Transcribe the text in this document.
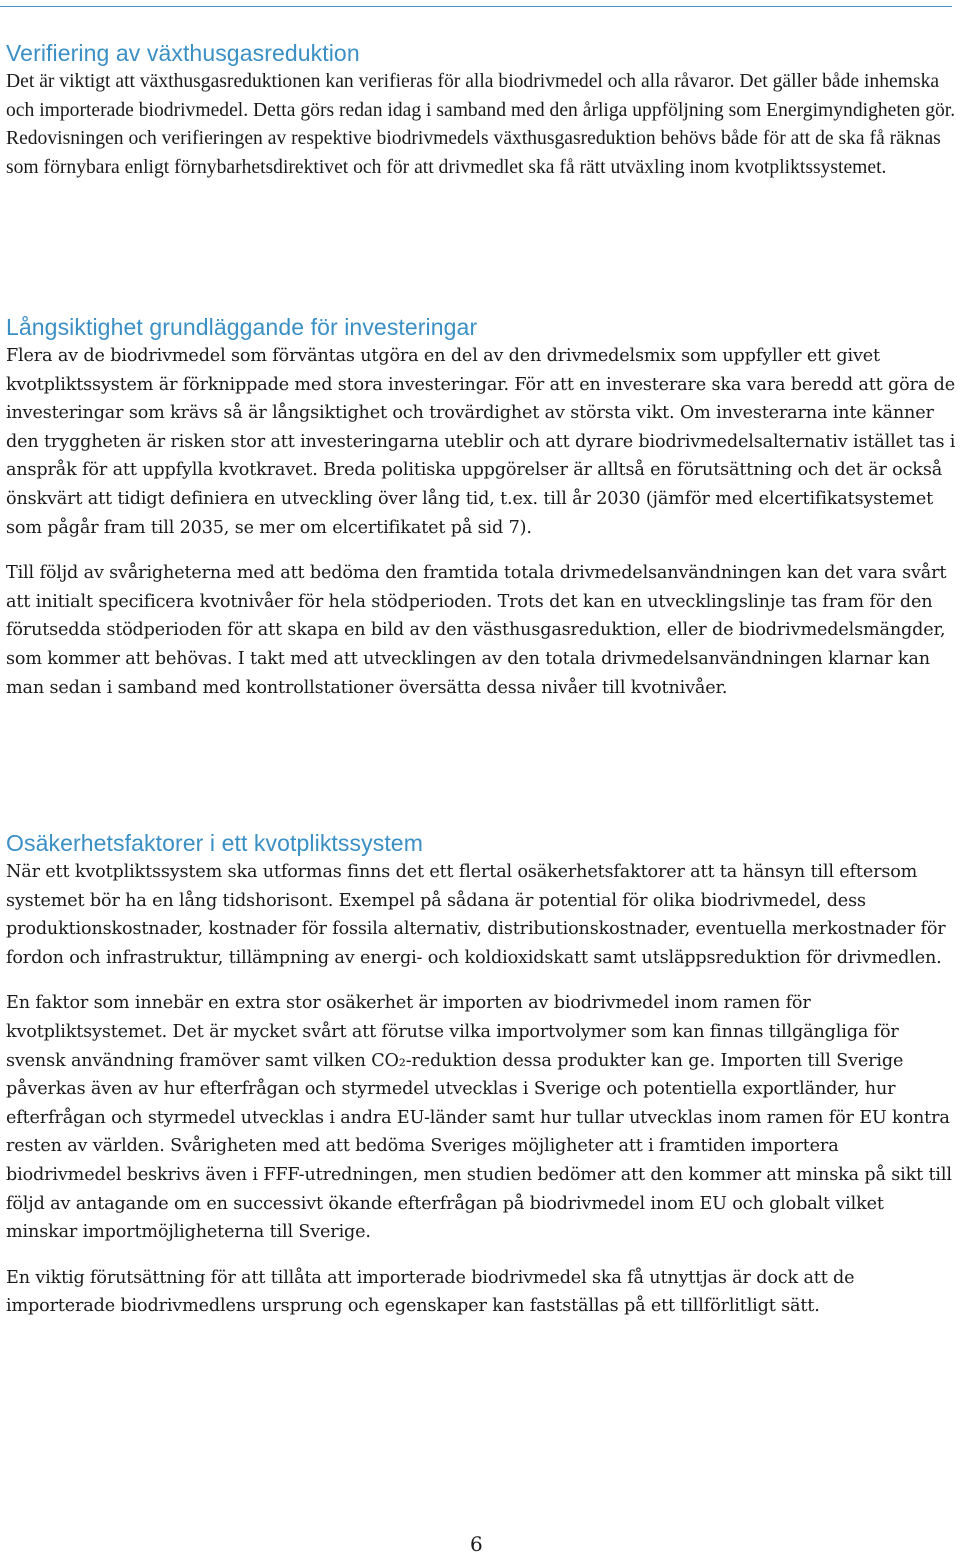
Verifiering av växthusgasreduktion

Det är viktigt att växthusgasreduktionen kan verifieras för alla biodrivmedel och alla råvaror. Det gäller både inhemska och importerade biodrivmedel. Detta görs redan idag i samband med den årliga uppföljning som Energimyndigheten gör. Redovisningen och verifieringen av respektive biodrivmedels växthusgasreduktion behövs både för att de ska få räknas som förnybara enligt förnybarhetsdirektivet och för att drivmedlet ska få rätt utväxling inom kvotpliktssystemet.

Långsiktighet grundläggande för investeringar

Flera av de biodrivmedel som förväntas utgöra en del av den drivmedelsmix som uppfyller ett givet kvotpliktssystem är förknippade med stora investeringar. För att en investerare ska vara beredd att göra de investeringar som krävs så är långsiktighet och trovärdighet av största vikt. Om investerarna inte känner den tryggheten är risken stor att investeringarna uteblir och att dyrare biodrivmedelsalternativ istället tas i anspråk för att uppfylla kvotkravet. Breda politiska uppgörelser är alltså en förutsättning och det är också önskvärt att tidigt definiera en utveckling över lång tid, t.ex. till år 2030 (jämför med elcertifikatsystemet som pågår fram till 2035, se mer om elcertifikatet på sid 7).

Till följd av svårigheterna med att bedöma den framtida totala drivmedelsanvändningen kan det vara svårt att initialt specificera kvotnivåer för hela stödperioden. Trots det kan en utvecklingslinje tas fram för den förutsedda stödperioden för att skapa en bild av den västhusgasreduktion, eller de biodrivmedelsmängder, som kommer att behövas. I takt med att utvecklingen av den totala drivmedelsanvändningen klarnar kan man sedan i samband med kontrollstationer översätta dessa nivåer till kvotnivåer.

Osäkerhetsfaktorer i ett kvotpliktssystem

När ett kvotpliktssystem ska utformas finns det ett flertal osäkerhetsfaktorer att ta hänsyn till eftersom systemet bör ha en lång tidshorisont. Exempel på sådana är potential för olika biodrivmedel, dess produktionskostnader, kostnader för fossila alternativ, distributionskostnader, eventuella merkostnader för fordon och infrastruktur, tillämpning av energi- och koldioxidskatt samt utsläppsreduktion för drivmedlen.

En faktor som innebär en extra stor osäkerhet är importen av biodrivmedel inom ramen för kvotpliktsystemet. Det är mycket svårt att förutse vilka importvolymer som kan finnas tillgängliga för svensk användning framöver samt vilken CO₂-reduktion dessa produkter kan ge. Importen till Sverige påverkas även av hur efterfrågan och styrmedel utvecklas i Sverige och potentiella exportländer, hur efterfrågan och styrmedel utvecklas i andra EU-länder samt hur tullar utvecklas inom ramen för EU kontra resten av världen. Svårigheten med att bedöma Sveriges möjligheter att i framtiden importera biodrivmedel beskrivs även i FFF-utredningen, men studien bedömer att den kommer att minska på sikt till följd av antagande om en successivt ökande efterfrågan på biodrivmedel inom EU och globalt vilket minskar importmöjligheterna till Sverige.

En viktig förutsättning för att tillåta att importerade biodrivmedel ska få utnyttjas är dock att de importerade biodrivmedlens ursprung och egenskaper kan fastställas på ett tillförlitligt sätt.

6
